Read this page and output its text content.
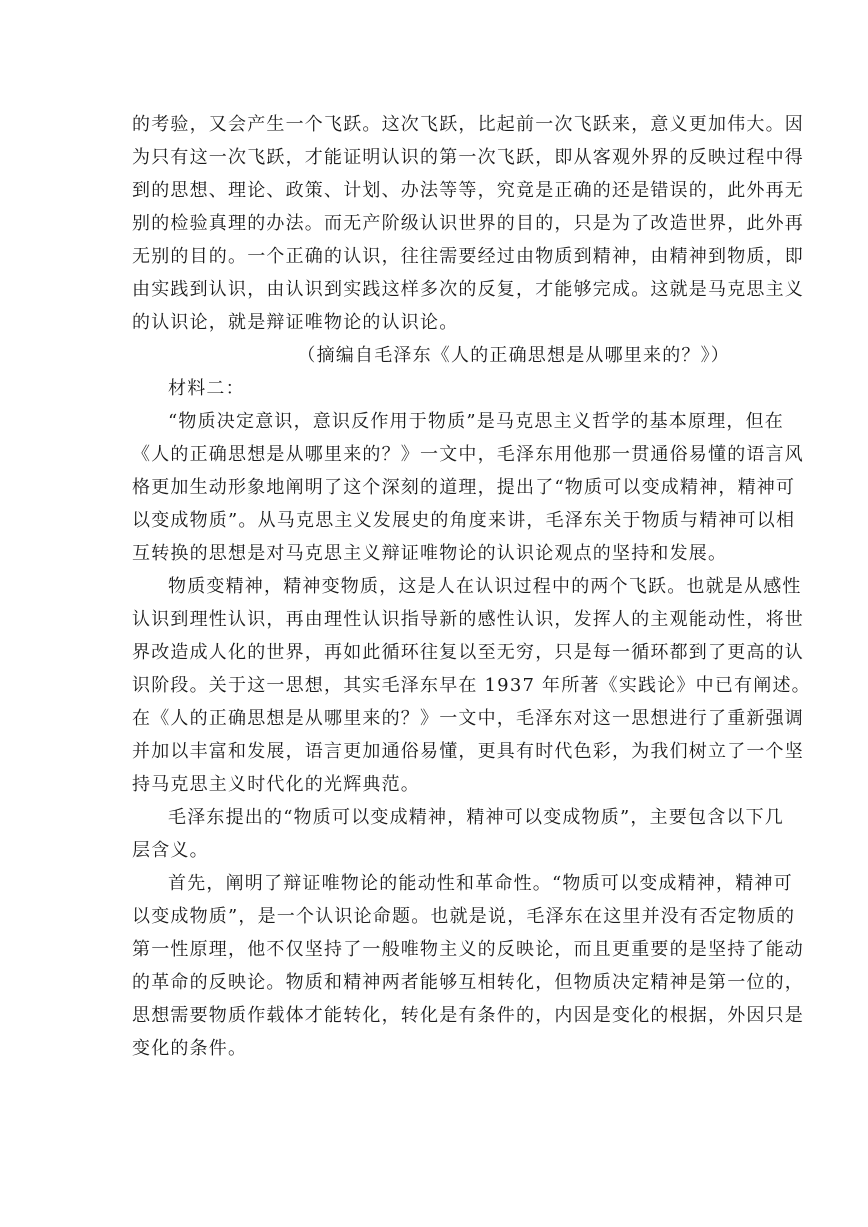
的考验，又会产生一个飞跃。这次飞跃，比起前一次飞跃来，意义更加伟大。因
为只有这一次飞跃，才能证明认识的第一次飞跃，即从客观外界的反映过程中得
到的思想、理论、政策、计划、办法等等，究竟是正确的还是错误的，此外再无
别的检验真理的办法。而无产阶级认识世界的目的，只是为了改造世界，此外再
无别的目的。一个正确的认识，往往需要经过由物质到精神，由精神到物质，即
由实践到认识，由认识到实践这样多次的反复，才能够完成。这就是马克思主义
的认识论，就是辩证唯物论的认识论。
（摘编自毛泽东《人的正确思想是从哪里来的？》）
材料二：
“物质决定意识，意识反作用于物质”是马克思主义哲学的基本原理，但在
《人的正确思想是从哪里来的？》一文中，毛泽东用他那一贯通俗易懂的语言风
格更加生动形象地阐明了这个深刻的道理，提出了“物质可以变成精神，精神可
以变成物质”。从马克思主义发展史的角度来讲，毛泽东关于物质与精神可以相
互转换的思想是对马克思主义辩证唯物论的认识论观点的坚持和发展。
物质变精神，精神变物质，这是人在认识过程中的两个飞跃。也就是从感性
认识到理性认识，再由理性认识指导新的感性认识，发挥人的主观能动性，将世
界改造成人化的世界，再如此循环往复以至无穷，只是每一循环都到了更高的认
识阶段。关于这一思想，其实毛泽东早在 1937 年所著《实践论》中已有阐述。
在《人的正确思想是从哪里来的？》一文中，毛泽东对这一思想进行了重新强调
并加以丰富和发展，语言更加通俗易懂，更具有时代色彩，为我们树立了一个坚
持马克思主义时代化的光辉典范。
毛泽东提出的“物质可以变成精神，精神可以变成物质”，主要包含以下几
层含义。
首先，阐明了辩证唯物论的能动性和革命性。“物质可以变成精神，精神可
以变成物质”，是一个认识论命题。也就是说，毛泽东在这里并没有否定物质的
第一性原理，他不仅坚持了一般唯物主义的反映论，而且更重要的是坚持了能动
的革命的反映论。物质和精神两者能够互相转化，但物质决定精神是第一位的，
思想需要物质作载体才能转化，转化是有条件的，内因是变化的根据，外因只是
变化的条件。
